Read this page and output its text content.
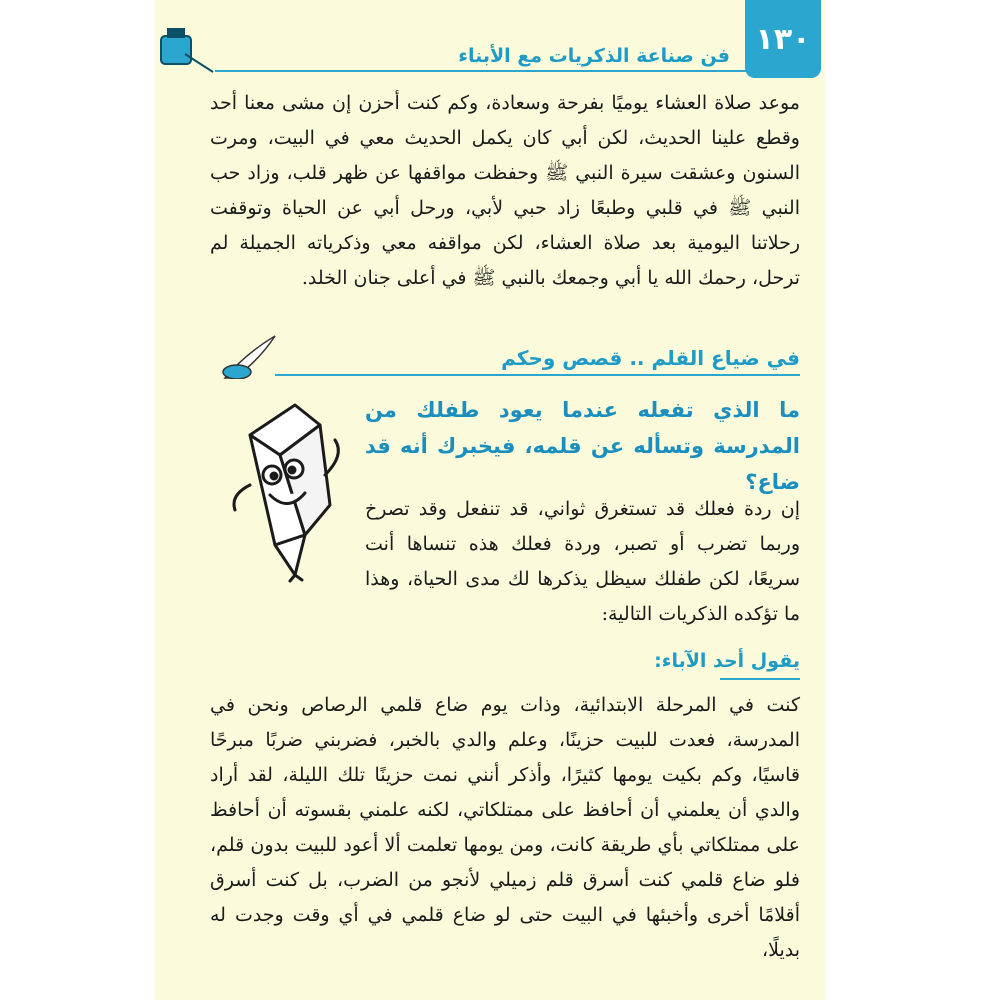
١٣٠
فن صناعة الذكريات مع الأبناء
موعد صلاة العشاء يوميًا بفرحة وسعادة، وكم كنت أحزن إن مشى معنا أحد وقطع علينا الحديث، لكن أبي كان يكمل الحديث معي في البيت، ومرت السنون وعشقت سيرة النبي ﷺ وحفظت مواقفها عن ظهر قلب، وزاد حب النبي ﷺ في قلبي وطبعًا زاد حبي لأبي، ورحل أبي عن الحياة وتوقفت رحلاتنا اليومية بعد صلاة العشاء، لكن مواقفه معي وذكرياته الجميلة لم ترحل، رحمك الله يا أبي وجمعك بالنبي ﷺ في أعلى جنان الخلد.
في ضياع القلم .. قصص وحكم
ما الذي تفعله عندما يعود طفلك من المدرسة وتسأله عن قلمه، فيخبرك أنه قد ضاع؟
إن ردة فعلك قد تستغرق ثواني، قد تنفعل وقد تصرخ وربما تضرب أو تصبر، وردة فعلك هذه تنساها أنت سريعًا، لكن طفلك سيظل يذكرها لك مدى الحياة، وهذا ما تؤكده الذكريات التالية:
يقول أحد الآباء:
كنت في المرحلة الابتدائية، وذات يوم ضاع قلمي الرصاص ونحن في المدرسة، فعدت للبيت حزينًا، وعلم والدي بالخبر، فضربني ضربًا مبرحًا قاسيًا، وكم بكيت يومها كثيرًا، وأذكر أنني نمت حزينًا تلك الليلة، لقد أراد والدي أن يعلمني أن أحافظ على ممتلكاتي، لكنه علمني بقسوته أن أحافظ على ممتلكاتي بأي طريقة كانت، ومن يومها تعلمت ألا أعود للبيت بدون قلم، فلو ضاع قلمي كنت أسرق قلم زميلي لأنجو من الضرب، بل كنت أسرق أقلامًا أخرى وأخبئها في البيت حتى لو ضاع قلمي في أي وقت وجدت له بديلًا،
